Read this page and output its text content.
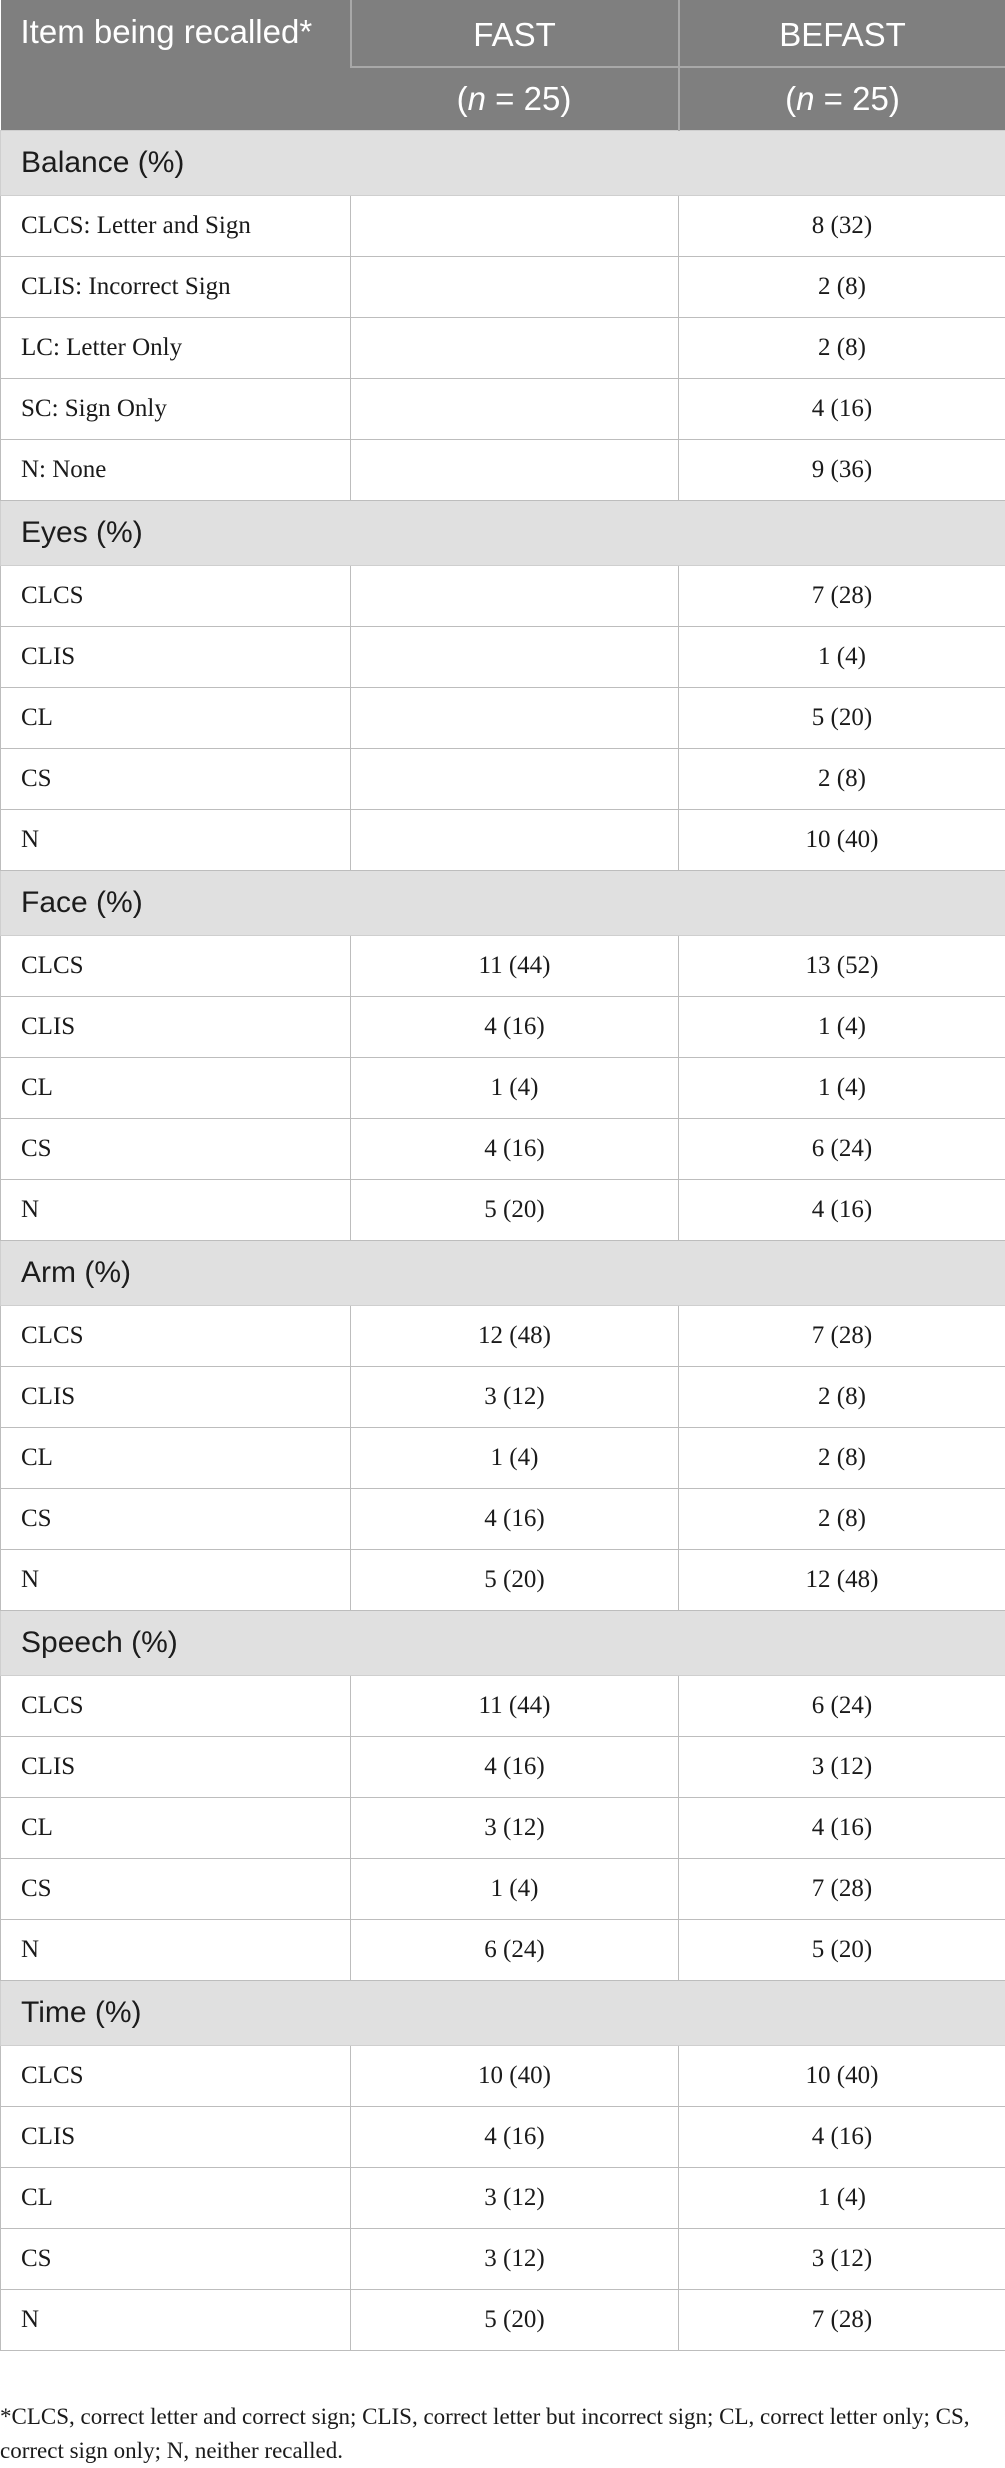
Item being recalled*	FAST	BEFAST
	(n = 25)	(n = 25)
Balance (%)		
CLCS: Letter and Sign		8 (32)
CLIS: Incorrect Sign		2 (8)
LC: Letter Only		2 (8)
SC: Sign Only		4 (16)
N: None		9 (36)
Eyes (%)		
CLCS		7 (28)
CLIS		1 (4)
CL		5 (20)
CS		2 (8)
N		10 (40)
Face (%)		
CLCS	11 (44)	13 (52)
CLIS	4 (16)	1 (4)
CL	1 (4)	1 (4)
CS	4 (16)	6 (24)
N	5 (20)	4 (16)
Arm (%)		
CLCS	12 (48)	7 (28)
CLIS	3 (12)	2 (8)
CL	1 (4)	2 (8)
CS	4 (16)	2 (8)
N	5 (20)	12 (48)
Speech (%)		
CLCS	11 (44)	6 (24)
CLIS	4 (16)	3 (12)
CL	3 (12)	4 (16)
CS	1 (4)	7 (28)
N	6 (24)	5 (20)
Time (%)		
CLCS	10 (40)	10 (40)
CLIS	4 (16)	4 (16)
CL	3 (12)	1 (4)
CS	3 (12)	3 (12)
N	5 (20)	7 (28)
*CLCS, correct letter and correct sign; CLIS, correct letter but incorrect sign; CL, correct letter only; CS, correct sign only; N, neither recalled.
